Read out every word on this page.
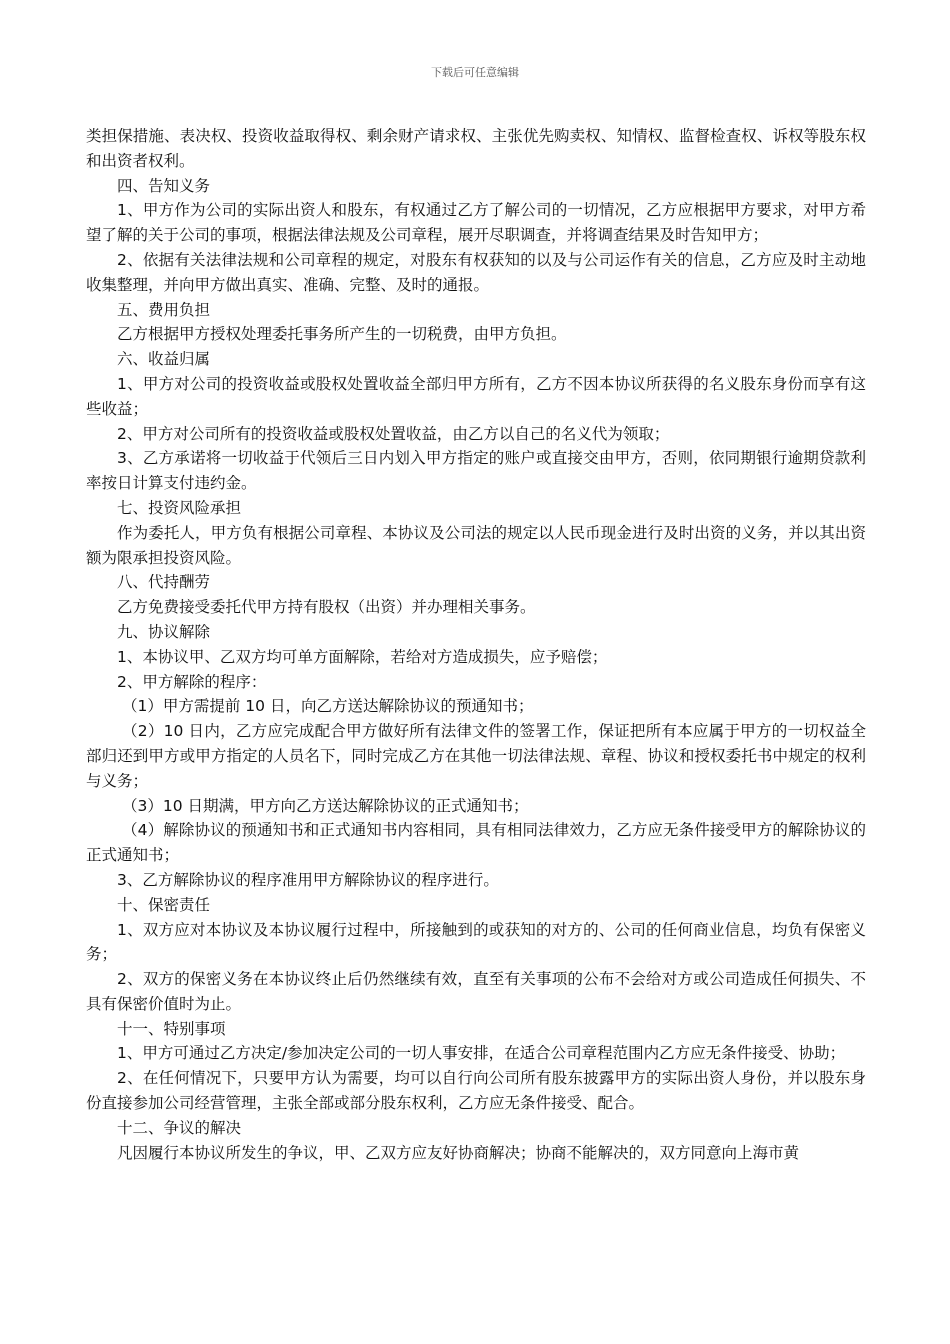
下载后可任意编辑

类担保措施、表决权、投资收益取得权、剩余财产请求权、主张优先购卖权、知情权、监督检查权、诉权等股东权和出资者权利。

四、告知义务

1、甲方作为公司的实际出资人和股东，有权通过乙方了解公司的一切情况，乙方应根据甲方要求，对甲方希望了解的关于公司的事项，根据法律法规及公司章程，展开尽职调查，并将调查结果及时告知甲方；

2、依据有关法律法规和公司章程的规定，对股东有权获知的以及与公司运作有关的信息，乙方应及时主动地收集整理，并向甲方做出真实、准确、完整、及时的通报。

五、费用负担

乙方根据甲方授权处理委托事务所产生的一切税费，由甲方负担。

六、收益归属

1、甲方对公司的投资收益或股权处置收益全部归甲方所有，乙方不因本协议所获得的名义股东身份而享有这些收益；

2、甲方对公司所有的投资收益或股权处置收益，由乙方以自己的名义代为领取；

3、乙方承诺将一切收益于代领后三日内划入甲方指定的账户或直接交由甲方，否则，依同期银行逾期贷款利率按日计算支付违约金。

七、投资风险承担

作为委托人，甲方负有根据公司章程、本协议及公司法的规定以人民币现金进行及时出资的义务，并以其出资额为限承担投资风险。

八、代持酬劳

乙方免费接受委托代甲方持有股权（出资）并办理相关事务。

九、协议解除

1、本协议甲、乙双方均可单方面解除，若给对方造成损失，应予赔偿；

2、甲方解除的程序：

（1）甲方需提前 10 日，向乙方送达解除协议的预通知书；

（2）10 日内，乙方应完成配合甲方做好所有法律文件的签署工作，保证把所有本应属于甲方的一切权益全部归还到甲方或甲方指定的人员名下，同时完成乙方在其他一切法律法规、章程、协议和授权委托书中规定的权利与义务；

（3）10 日期满，甲方向乙方送达解除协议的正式通知书；

（4）解除协议的预通知书和正式通知书内容相同，具有相同法律效力，乙方应无条件接受甲方的解除协议的正式通知书；

3、乙方解除协议的程序准用甲方解除协议的程序进行。

十、保密责任

1、双方应对本协议及本协议履行过程中，所接触到的或获知的对方的、公司的任何商业信息，均负有保密义务；

2、双方的保密义务在本协议终止后仍然继续有效，直至有关事项的公布不会给对方或公司造成任何损失、不具有保密价值时为止。

十一、特别事项

1、甲方可通过乙方决定/参加决定公司的一切人事安排，在适合公司章程范围内乙方应无条件接受、协助；

2、在任何情况下，只要甲方认为需要，均可以自行向公司所有股东披露甲方的实际出资人身份，并以股东身份直接参加公司经营管理，主张全部或部分股东权利，乙方应无条件接受、配合。

十二、争议的解决

凡因履行本协议所发生的争议，甲、乙双方应友好协商解决；协商不能解决的，双方同意向上海市黄
